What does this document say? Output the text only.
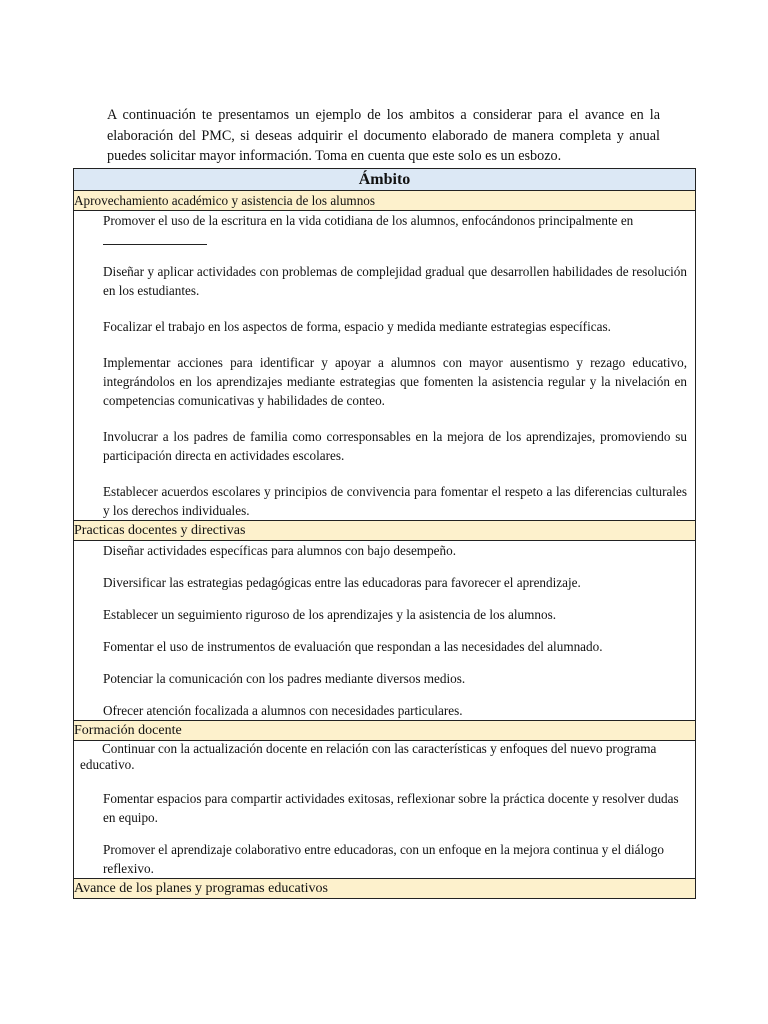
A continuación te presentamos un ejemplo de los ambitos a considerar para el avance en la elaboración del PMC, si deseas adquirir el documento elaborado de manera completa y anual puedes solicitar mayor información. Toma en cuenta que este solo es un esbozo.

Ámbito
Aprovechamiento académico y asistencia de los alumnos

Promover el uso de la escritura en la vida cotidiana de los alumnos, enfocándonos principalmente en
Diseñar y aplicar actividades con problemas de complejidad gradual que desarrollen habilidades de resolución en los estudiantes.
Focalizar el trabajo en los aspectos de forma, espacio y medida mediante estrategias específicas.
Implementar acciones para identificar y apoyar a alumnos con mayor ausentismo y rezago educativo, integrándolos en los aprendizajes mediante estrategias que fomenten la asistencia regular y la nivelación en competencias comunicativas y habilidades de conteo.
Involucrar a los padres de familia como corresponsables en la mejora de los aprendizajes, promoviendo su participación directa en actividades escolares.
Establecer acuerdos escolares y principios de convivencia para fomentar el respeto a las diferencias culturales y los derechos individuales.

Practicas docentes y directivas

Diseñar actividades específicas para alumnos con bajo desempeño.
Diversificar las estrategias pedagógicas entre las educadoras para favorecer el aprendizaje.
Establecer un seguimiento riguroso de los aprendizajes y la asistencia de los alumnos.
Fomentar el uso de instrumentos de evaluación que respondan a las necesidades del alumnado.
Potenciar la comunicación con los padres mediante diversos medios.
Ofrecer atención focalizada a alumnos con necesidades particulares.

Formación docente

Continuar con la actualización docente en relación con las características y enfoques del nuevo programa educativo.
Fomentar espacios para compartir actividades exitosas, reflexionar sobre la práctica docente y resolver dudas en equipo.
Promover el aprendizaje colaborativo entre educadoras, con un enfoque en la mejora continua y el diálogo reflexivo.

Avance de los planes y programas educativos
